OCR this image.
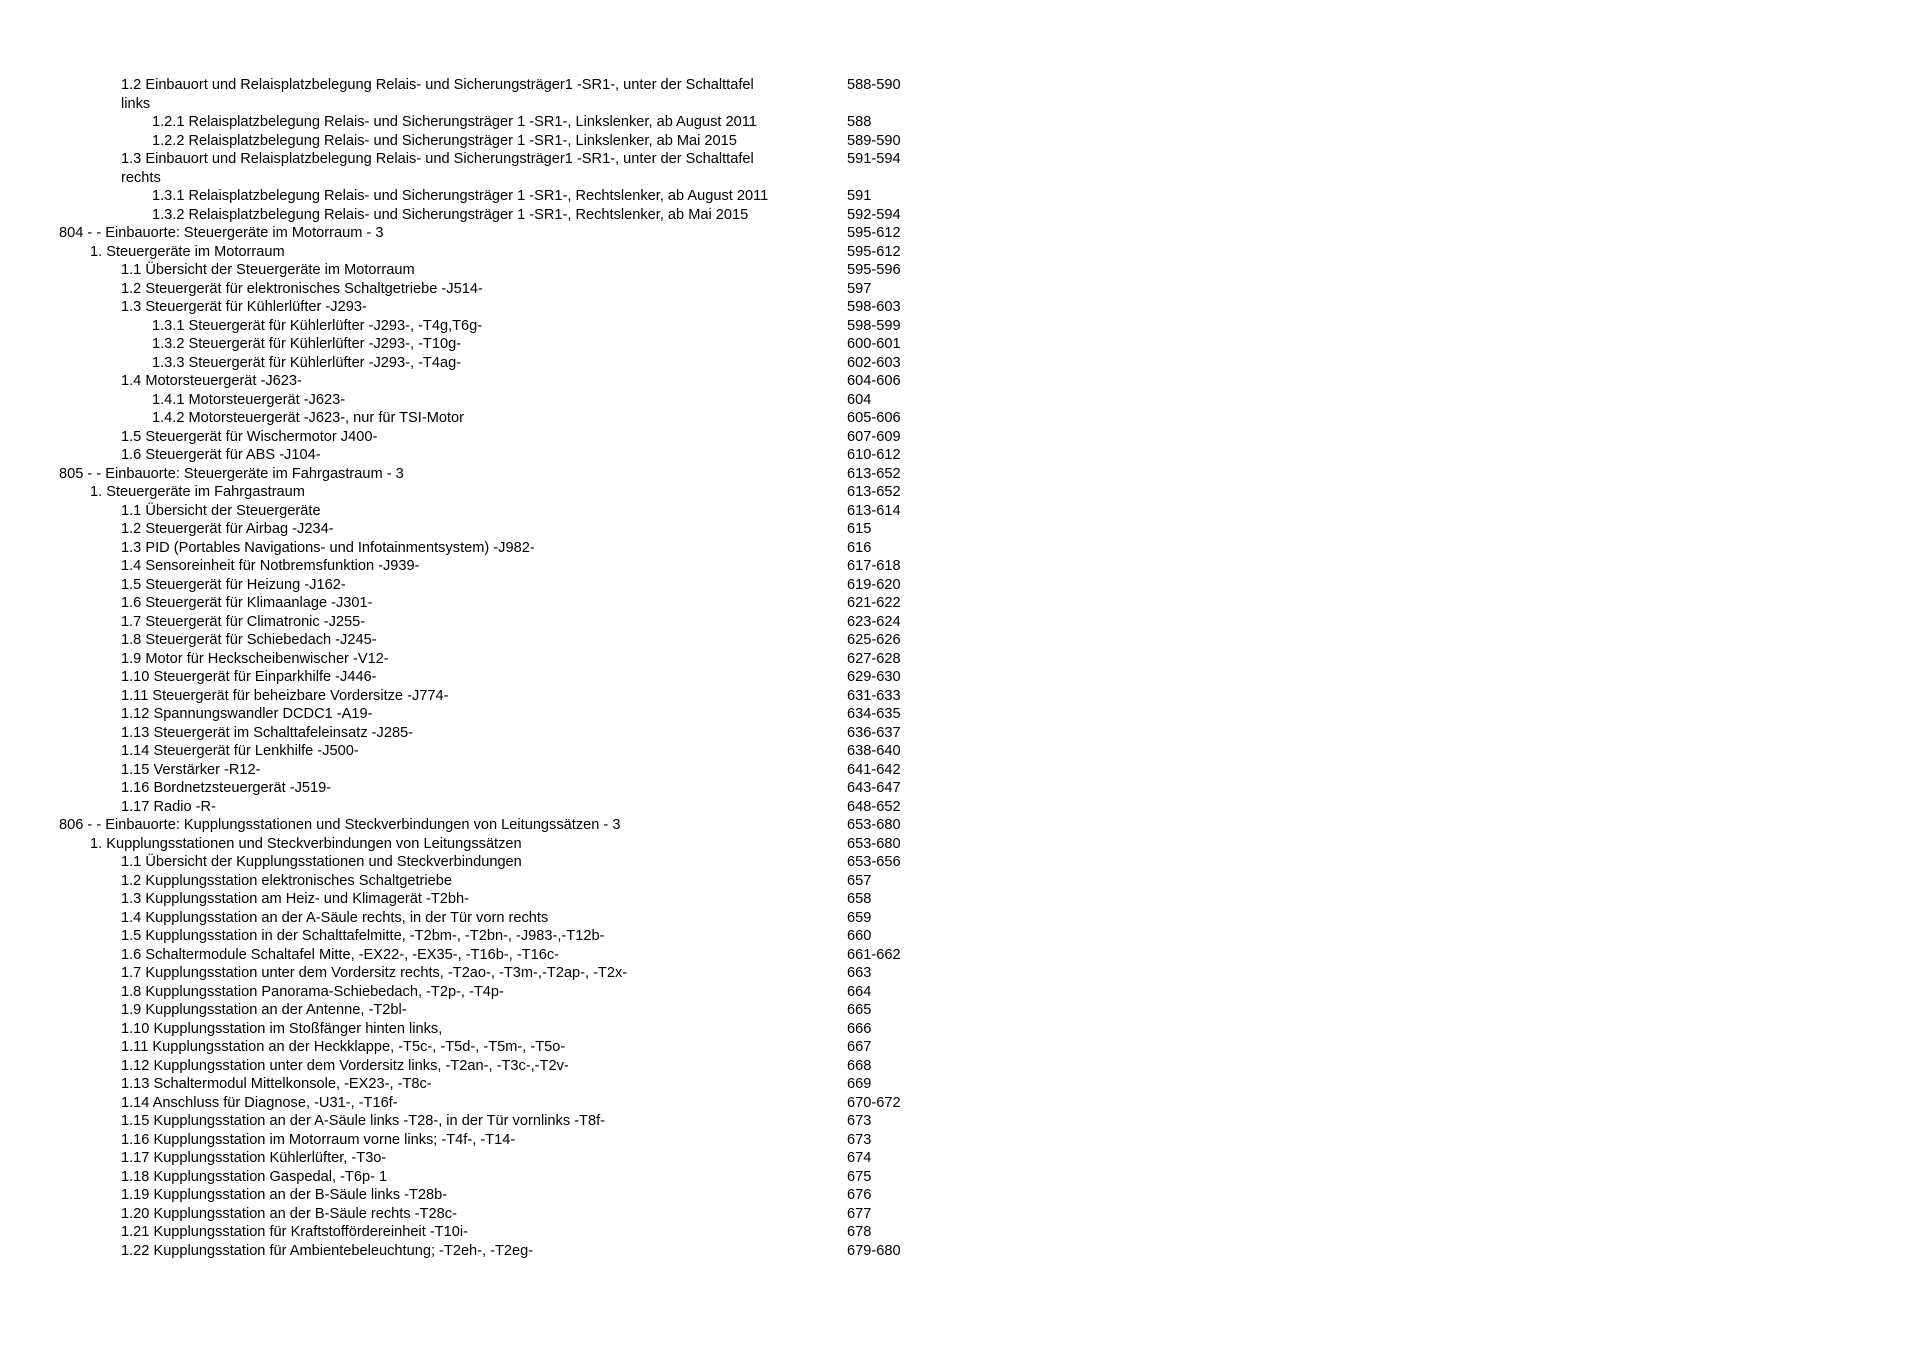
1.2 Einbauort und Relaisplatzbelegung Relais- und Sicherungsträger1 -SR1-, unter der Schalttafel links
588-590
1.2.1 Relaisplatzbelegung Relais- und Sicherungsträger 1 -SR1-, Linkslenker, ab August 2011	588
1.2.2 Relaisplatzbelegung Relais- und Sicherungsträger 1 -SR1-, Linkslenker, ab Mai 2015	589-590
1.3 Einbauort und Relaisplatzbelegung Relais- und Sicherungsträger1 -SR1-, unter der Schalttafel rechts
591-594
1.3.1 Relaisplatzbelegung Relais- und Sicherungsträger 1 -SR1-, Rechtslenker, ab August 2011	591
1.3.2 Relaisplatzbelegung Relais- und Sicherungsträger 1 -SR1-, Rechtslenker, ab Mai 2015	592-594
804 - - Einbauorte: Steuergeräte im Motorraum - 3	595-612
1. Steuergeräte im Motorraum	595-612
1.1 Übersicht der Steuergeräte im Motorraum	595-596
1.2 Steuergerät für elektronisches Schaltgetriebe -J514-	597
1.3 Steuergerät für Kühlerlüfter -J293-	598-603
1.3.1 Steuergerät für Kühlerlüfter -J293-, -T4g,T6g-	598-599
1.3.2 Steuergerät für Kühlerlüfter -J293-, -T10g-	600-601
1.3.3 Steuergerät für Kühlerlüfter -J293-, -T4ag-	602-603
1.4 Motorsteuergerät -J623-	604-606
1.4.1 Motorsteuergerät -J623-	604
1.4.2 Motorsteuergerät -J623-, nur für TSI-Motor	605-606
1.5 Steuergerät für Wischermotor J400-	607-609
1.6 Steuergerät für ABS -J104-	610-612
805 - - Einbauorte: Steuergeräte im Fahrgastraum - 3	613-652
1. Steuergeräte im Fahrgastraum	613-652
1.1 Übersicht der Steuergeräte	613-614
1.2 Steuergerät für Airbag -J234-	615
1.3 PID (Portables Navigations- und Infotainmentsystem) -J982-	616
1.4 Sensoreinheit für Notbremsfunktion -J939-	617-618
1.5 Steuergerät für Heizung -J162-	619-620
1.6 Steuergerät für Klimaanlage -J301-	621-622
1.7 Steuergerät für Climatronic -J255-	623-624
1.8 Steuergerät für Schiebedach -J245-	625-626
1.9 Motor für Heckscheibenwischer -V12-	627-628
1.10 Steuergerät für Einparkhilfe -J446-	629-630
1.11 Steuergerät für beheizbare Vordersitze -J774-	631-633
1.12 Spannungswandler DCDC1 -A19-	634-635
1.13 Steuergerät im Schalttafeleinsatz -J285-	636-637
1.14 Steuergerät für Lenkhilfe -J500-	638-640
1.15 Verstärker -R12-	641-642
1.16 Bordnetzsteuergerät -J519-	643-647
1.17 Radio -R-	648-652
806 - - Einbauorte: Kupplungsstationen und Steckverbindungen von Leitungssätzen - 3	653-680
1. Kupplungsstationen und Steckverbindungen von Leitungssätzen	653-680
1.1 Übersicht der Kupplungsstationen und Steckverbindungen	653-656
1.2 Kupplungsstation elektronisches Schaltgetriebe	657
1.3 Kupplungsstation am Heiz- und Klimagerät -T2bh-	658
1.4 Kupplungsstation an der A-Säule rechts, in der Tür vorn rechts	659
1.5 Kupplungsstation in der Schalttafelmitte, -T2bm-, -T2bn-, -J983-,-T12b-	660
1.6 Schaltermodule Schaltafel Mitte, -EX22-, -EX35-, -T16b-, -T16c-	661-662
1.7 Kupplungsstation unter dem Vordersitz rechts, -T2ao-, -T3m-,-T2ap-, -T2x-	663
1.8 Kupplungsstation Panorama-Schiebedach, -T2p-, -T4p-	664
1.9 Kupplungsstation an der Antenne, -T2bl-	665
1.10 Kupplungsstation im Stoßfänger hinten links,	666
1.11 Kupplungsstation an der Heckklappe, -T5c-, -T5d-, -T5m-, -T5o-	667
1.12 Kupplungsstation unter dem Vordersitz links, -T2an-, -T3c-,-T2v-	668
1.13 Schaltermodul Mittelkonsole, -EX23-, -T8c-	669
1.14 Anschluss für Diagnose, -U31-, -T16f-	670-672
1.15 Kupplungsstation an der A-Säule links -T28-, in der Tür vornlinks -T8f-	673
1.16 Kupplungsstation im Motorraum vorne links; -T4f-, -T14-	673
1.17 Kupplungsstation Kühlerlüfter, -T3o-	674
1.18 Kupplungsstation Gaspedal, -T6p- 1	675
1.19 Kupplungsstation an der B-Säule links -T28b-	676
1.20 Kupplungsstation an der B-Säule rechts -T28c-	677
1.21 Kupplungsstation für Kraftstoffördereinheit -T10i-	678
1.22 Kupplungsstation für Ambientebeleuchtung; -T2eh-, -T2eg-	679-680
